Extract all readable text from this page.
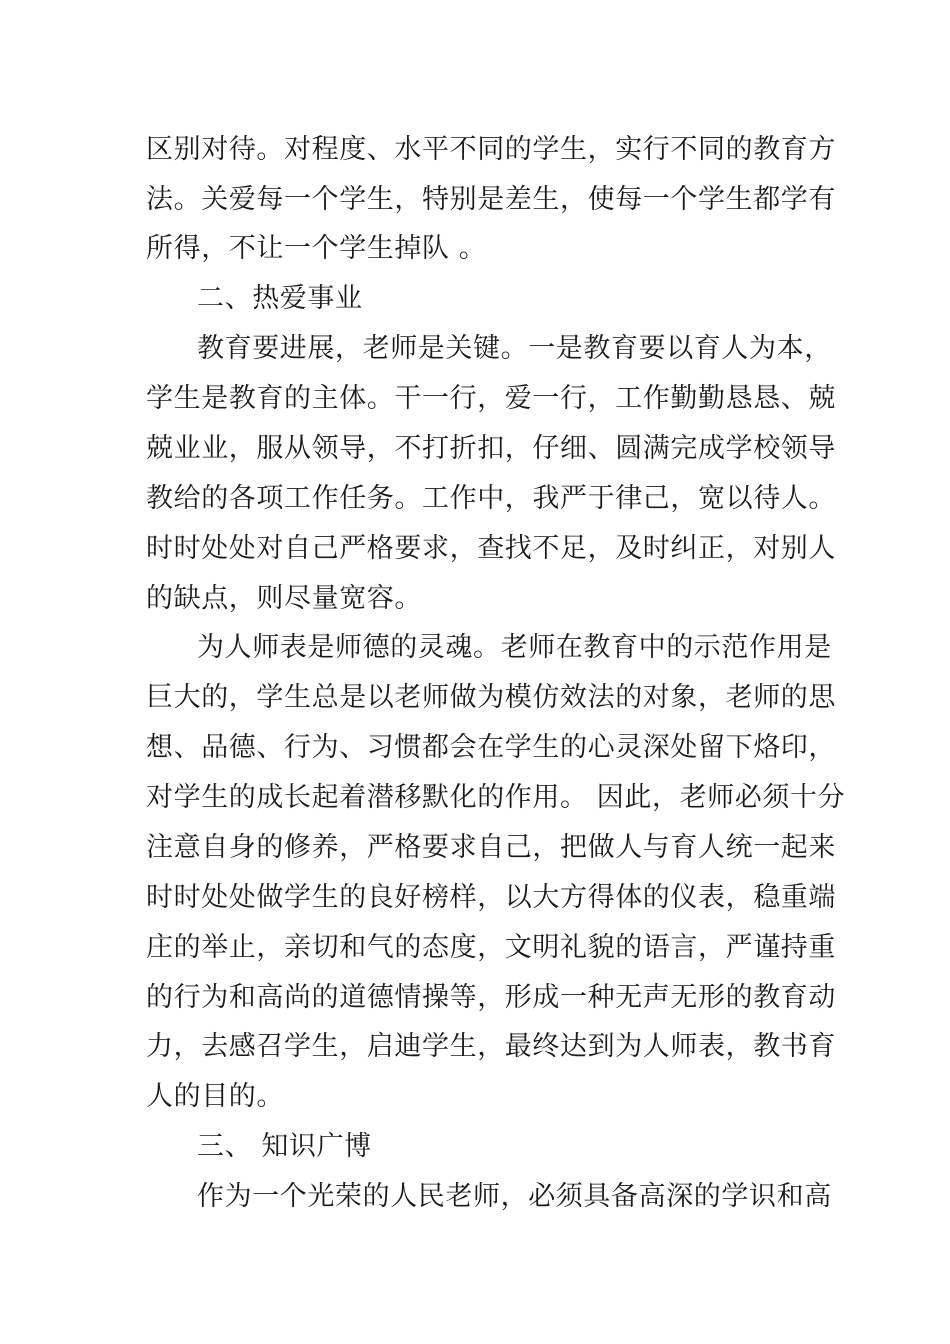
区别对待。对程度、水平不同的学生，实行不同的教育方
法。关爱每一个学生，特别是差生，使每一个学生都学有
所得，不让一个学生掉队 。
二、热爱事业
教育要进展，老师是关键。一是教育要以育人为本，
学生是教育的主体。干一行，爱一行，工作勤勤恳恳、兢
兢业业，服从领导，不打折扣，仔细、圆满完成学校领导
教给的各项工作任务。工作中，我严于律己，宽以待人。
时时处处对自己严格要求，查找不足，及时纠正，对别人
的缺点，则尽量宽容。
为人师表是师德的灵魂。老师在教育中的示范作用是
巨大的，学生总是以老师做为模仿效法的对象，老师的思
想、品德、行为、习惯都会在学生的心灵深处留下烙印，
对学生的成长起着潜移默化的作用。 因此，老师必须十分
注意自身的修养，严格要求自己，把做人与育人统一起来
时时处处做学生的良好榜样，以大方得体的仪表，稳重端
庄的举止，亲切和气的态度，文明礼貌的语言，严谨持重
的行为和高尚的道德情操等，形成一种无声无形的教育动
力，去感召学生，启迪学生，最终达到为人师表，教书育
人的目的。
三、 知识广博
作为一个光荣的人民老师，必须具备高深的学识和高
